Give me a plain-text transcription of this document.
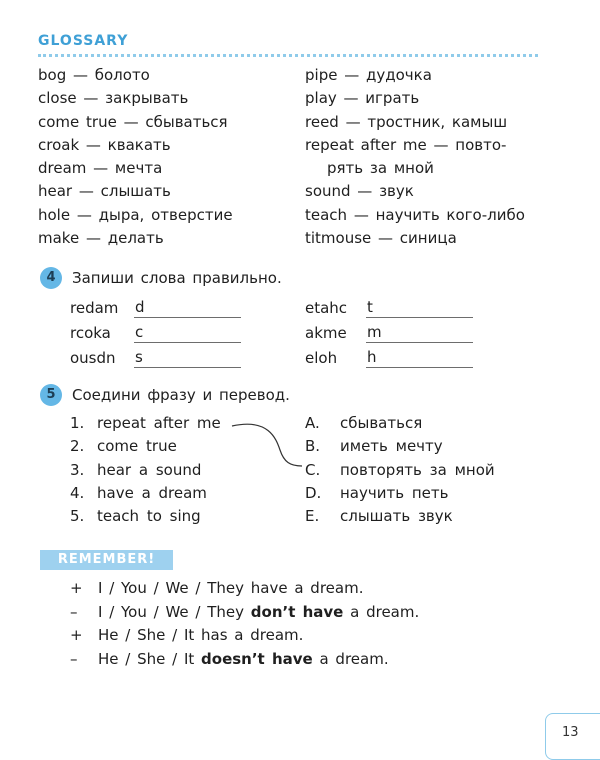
GLOSSARY
bog — болото
close — закрывать
come true — сбываться
croak — квакать
dream — мечта
hear — слышать
hole — дыра, отверстие
make — делать
pipe — дудочка
play — играть
reed — тростник, камыш
repeat after me — повто-
рять за мной
sound — звук
teach — научить кого-либо
titmouse — синица
4	Запиши слова правильно.
redam d
rcoka c
ousdn s
etahc t
akme m
eloh h
5	Соедини фразу и перевод.
1. repeat after me
2. come true
3. hear a sound
4. have a dream
5. teach to sing
A. сбываться
B. иметь мечту
C. повторять за мной
D. научить петь
E. слышать звук
REMEMBER!
+ I / You / We / They have a dream.
– I / You / We / They don’t have a dream.
+ He / She / It has a dream.
– He / She / It doesn’t have a dream.
13
